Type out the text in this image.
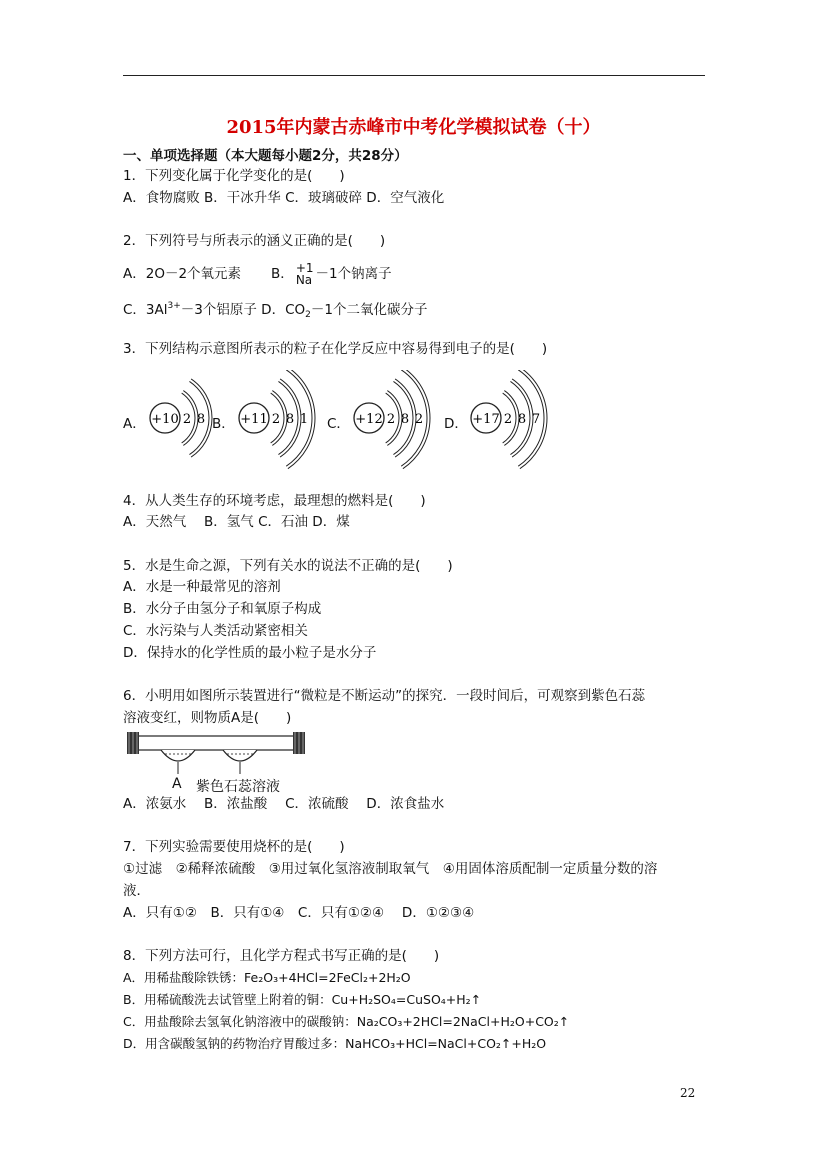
2015年内蒙古赤峰市中考化学模拟试卷（十）
一、单项选择题（本大题每小题2分，共28分）
1．下列变化属于化学变化的是(　　)
A．食物腐败 B．干冰升华 C．玻璃破碎 D．空气液化
2．下列符号与所表示的涵义正确的是(　　)
A．2O－2个氧元素 B． +1
Na －1个钠离子
C．$3Al^{3+}-3$个铝原子 D．$CO_2-1$个二氧化碳分子
3．下列结构示意图所表示的粒子在化学反应中容易得到电子的是(　　)
A． +10 2 8 B． +11 2 8 1 C． +12 2 8 2 D． +17 2 8 7
4．从人类生存的环境考虑，最理想的燃料是(　　)
A．天然气　 B．氢气 C．石油 D．煤
5．水是生命之源，下列有关水的说法不正确的是(　　)
A．水是一种最常见的溶剂
B．水分子由氢分子和氧原子构成
C．水污染与人类活动紧密相关
D．保持水的化学性质的最小粒子是水分子
6．小明用如图所示装置进行“微粒是不断运动”的探究．一段时间后，可观察到紫色石蕊
溶液变红，则物质A是(　　)
A 紫色石蕊溶液
A．浓氨水　 B．浓盐酸　 C．浓硫酸　 D．浓食盐水
7．下列实验需要使用烧杯的是(　　)
①过滤　②稀释浓硫酸　③用过氧化氢溶液制取氧气　④用固体溶质配制一定质量分数的溶
液．
A．只有①②　B．只有①④　C．只有①②④　 D．①②③④
8．下列方法可行，且化学方程式书写正确的是(　　)
A．用稀盐酸除铁锈：Fe₂O₃+4HCl=2FeCl₂+2H₂O
B．用稀硫酸洗去试管壁上附着的铜：Cu+H₂SO₄=CuSO₄+H₂↑
C．用盐酸除去氢氧化钠溶液中的碳酸钠：Na₂CO₃+2HCl=2NaCl+H₂O+CO₂↑
D．用含碳酸氢钠的药物治疗胃酸过多：NaHCO₃+HCl=NaCl+CO₂↑+H₂O
22
